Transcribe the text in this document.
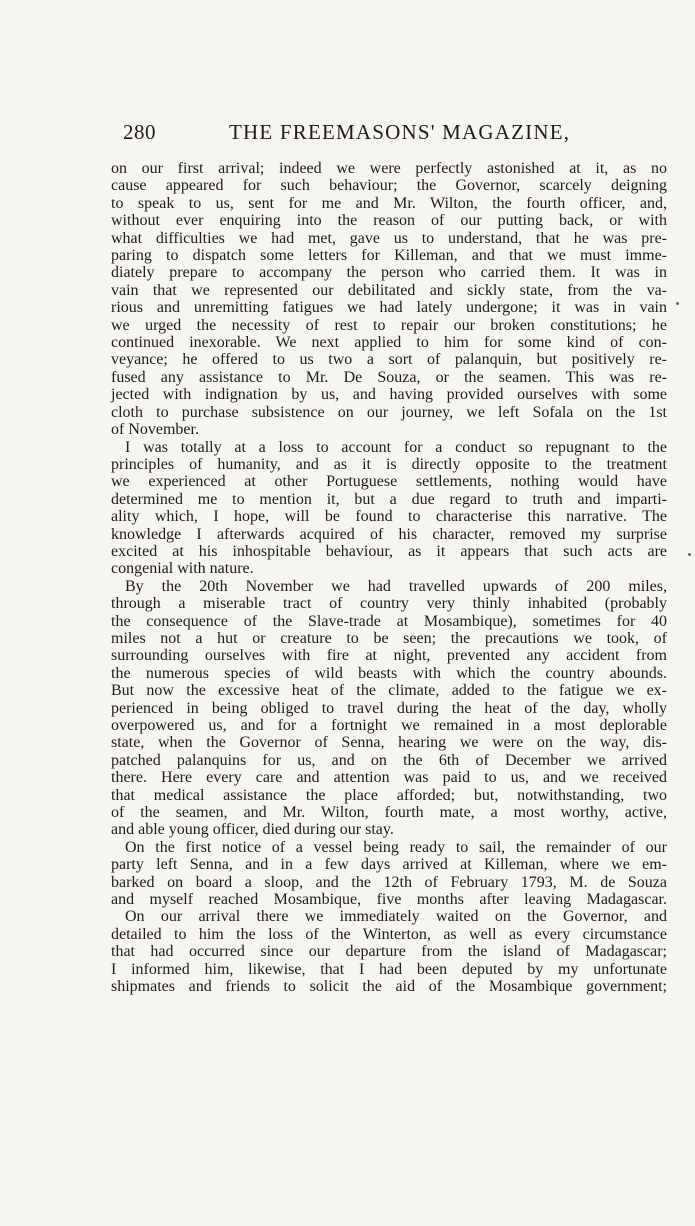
280	THE FREEMASONS' MAGAZINE,

on our first arrival; indeed we were perfectly astonished at it, as no
cause appeared for such behaviour; the Governor, scarcely deigning
to speak to us, sent for me and Mr. Wilton, the fourth officer, and,
without ever enquiring into the reason of our putting back, or with
what difficulties we had met, gave us to understand, that he was pre-
paring to dispatch some letters for Killeman, and that we must imme-
diately prepare to accompany the person who carried them. It was in
vain that we represented our debilitated and sickly state, from the va-
rious and unremitting fatigues we had lately undergone; it was in vain
we urged the necessity of rest to repair our broken constitutions; he
continued inexorable. We next applied to him for some kind of con-
veyance; he offered to us two a sort of palanquin, but positively re-
fused any assistance to Mr. De Souza, or the seamen. This was re-
jected with indignation by us, and having provided ourselves with some
cloth to purchase subsistence on our journey, we left Sofala on the 1st
of November.

I was totally at a loss to account for a conduct so repugnant to the
principles of humanity, and as it is directly opposite to the treatment
we experienced at other Portuguese settlements, nothing would have
determined me to mention it, but a due regard to truth and imparti-
ality which, I hope, will be found to characterise this narrative. The
knowledge I afterwards acquired of his character, removed my surprise
excited at his inhospitable behaviour, as it appears that such acts are
congenial with nature.

By the 20th November we had travelled upwards of 200 miles,
through a miserable tract of country very thinly inhabited (probably
the consequence of the Slave-trade at Mosambique), sometimes for 40
miles not a hut or creature to be seen; the precautions we took, of
surrounding ourselves with fire at night, prevented any accident from
the numerous species of wild beasts with which the country abounds.
But now the excessive heat of the climate, added to the fatigue we ex-
perienced in being obliged to travel during the heat of the day, wholly
overpowered us, and for a fortnight we remained in a most deplorable
state, when the Governor of Senna, hearing we were on the way, dis-
patched palanquins for us, and on the 6th of December we arrived
there. Here every care and attention was paid to us, and we received
that medical assistance the place afforded; but, notwithstanding, two
of the seamen, and Mr. Wilton, fourth mate, a most worthy, active,
and able young officer, died during our stay.

On the first notice of a vessel being ready to sail, the remainder of our
party left Senna, and in a few days arrived at Killeman, where we em-
barked on board a sloop, and the 12th of February 1793, M. de Souza
and myself reached Mosambique, five months after leaving Madagascar.

On our arrival there we immediately waited on the Governor, and
detailed to him the loss of the Winterton, as well as every circumstance
that had occurred since our departure from the island of Madagascar;
I informed him, likewise, that I had been deputed by my unfortunate
shipmates and friends to solicit the aid of the Mosambique government;
